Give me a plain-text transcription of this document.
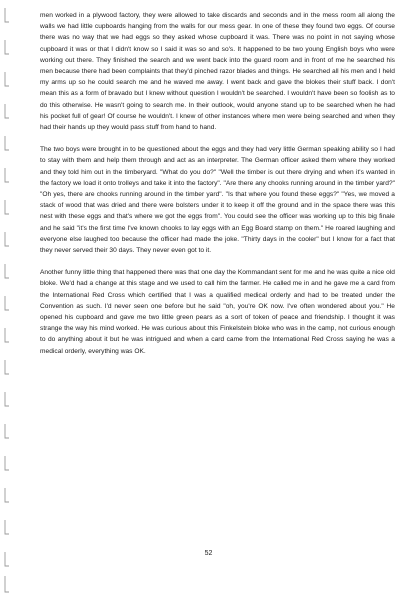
men worked in a plywood factory, they were allowed to take discards and seconds and in the mess room all along the walls we had little cupboards hanging from the walls for our mess gear. In one of these they found two eggs. Of course there was no way that we had eggs so they asked whose cupboard it was. There was no point in not saying whose cupboard it was or that I didn't know so I said it was so and so's. It happened to be two young English boys who were working out there. They finished the search and we went back into the guard room and in front of me he searched his men because there had been complaints that they'd pinched razor blades and things. He searched all his men and I held my arms up so he could search me and he waved me away. I went back and gave the blokes their stuff back. I don't mean this as a form of bravado but I knew without question I wouldn't be searched. I wouldn't have been so foolish as to do this otherwise. He wasn't going to search me. In their outlook, would anyone stand up to be searched when he had his pocket full of gear! Of course he wouldn't. I knew of other instances where men were being searched and when they had their hands up they would pass stuff from hand to hand.

The two boys were brought in to be questioned about the eggs and they had very little German speaking ability so I had to stay with them and help them through and act as an interpreter. The German officer asked them where they worked and they told him out in the timberyard. "What do you do?" "Well the timber is out there drying and when it's wanted in the factory we load it onto trolleys and take it into the factory". "Are there any chooks running around in the timber yard?" "Oh yes, there are chooks running around in the timber yard". "Is that where you found these eggs?" "Yes, we moved a stack of wood that was dried and there were bolsters under it to keep it off the ground and in the space there was this nest with these eggs and that's where we got the eggs from". You could see the officer was working up to this big finale and he said "it's the first time I've known chooks to lay eggs with an Egg Board stamp on them." He roared laughing and everyone else laughed too because the officer had made the joke. "Thirty days in the cooler" but I know for a fact that they never served their 30 days. They never even got to it.

Another funny little thing that happened there was that one day the Kommandant sent for me and he was quite a nice old bloke. We'd had a change at this stage and we used to call him the farmer. He called me in and he gave me a card from the International Red Cross which certified that I was a qualified medical orderly and had to be treated under the Convention as such. I'd never seen one before but he said "oh, you're OK now. I've often wondered about you." He opened his cupboard and gave me two little green pears as a sort of token of peace and friendship. I thought it was strange the way his mind worked. He was curious about this Finkelstein bloke who was in the camp, not curious enough to do anything about it but he was intrigued and when a card came from the International Red Cross saying he was a medical orderly, everything was OK.

52
